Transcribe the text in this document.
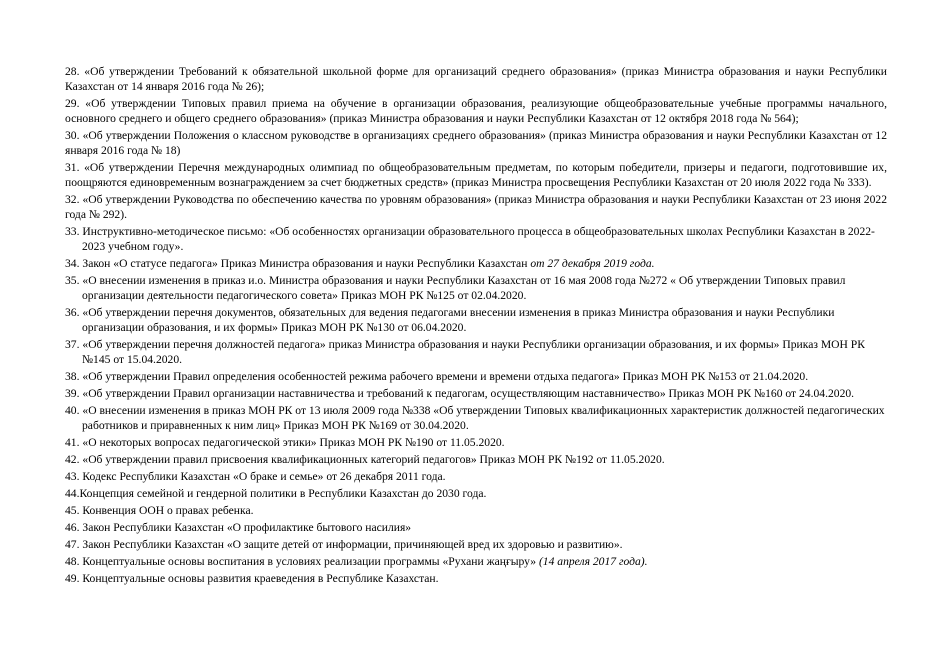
28. «Об утверждении Требований к обязательной школьной форме для организаций среднего образования» (приказ Министра образования и науки Республики Казахстан от 14 января 2016 года № 26);
29. «Об утверждении Типовых правил приема на обучение в организации образования, реализующие общеобразовательные учебные программы начального, основного среднего и общего среднего образования» (приказ Министра образования и науки Республики Казахстан от 12 октября 2018 года № 564);
30. «Об утверждении Положения о классном руководстве в организациях среднего образования» (приказ Министра образования и науки Республики Казахстан от 12 января 2016 года № 18)
31. «Об утверждении Перечня международных олимпиад по общеобразовательным предметам, по которым победители, призеры и педагоги, подготовившие их, поощряются единовременным вознаграждением за счет бюджетных средств» (приказ Министра просвещения Республики Казахстан от 20 июля 2022 года № 333).
32. «Об утверждении Руководства по обеспечению качества по уровням образования» (приказ Министра образования и науки Республики Казахстан от 23 июня 2022 года № 292).
33. Инструктивно-методическое письмо: «Об особенностях организации образовательного процесса в общеобразовательных школах Республики Казахстан в 2022-2023 учебном году».
34. Закон «О статусе педагога» Приказ Министра образования и науки Республики Казахстан от 27 декабря 2019 года.
35. «О внесении изменения в приказ и.о. Министра образования и науки Республики Казахстан от 16 мая 2008 года №272 « Об утверждении Типовых правил организации деятельности педагогического совета» Приказ МОН РК №125 от 02.04.2020.
36. «Об утверждении перечня документов, обязательных для ведения педагогами внесении изменения в приказ Министра образования и науки Республики организации образования, и их формы» Приказ МОН РК №130 от 06.04.2020.
37. «Об утверждении перечня должностей педагога» приказ Министра образования и науки Республики организации образования, и их формы» Приказ МОН РК №145 от 15.04.2020.
38. «Об утверждении Правил определения особенностей режима рабочего времени и времени отдыха педагога» Приказ МОН РК №153 от 21.04.2020.
39. «Об утверждении Правил организации наставничества и требований к педагогам, осуществляющим наставничество» Приказ МОН РК №160 от 24.04.2020.
40. «О внесении изменения в приказ МОН РК от 13 июля 2009 года №338 «Об утверждении Типовых квалификационных характеристик должностей педагогических работников и приравненных к ним лиц» Приказ МОН РК №169 от 30.04.2020.
41. «О некоторых вопросах педагогической этики» Приказ МОН РК №190 от 11.05.2020.
42. «Об утверждении правил присвоения квалификационных категорий педагогов» Приказ МОН РК №192 от 11.05.2020.
43. Кодекс Республики Казахстан «О браке и семье» от 26 декабря 2011 года.
44.Концепция семейной и гендерной политики в Республики Казахстан до 2030 года.
45. Конвенция ООН о правах ребенка.
46. Закон Республики Казахстан «О профилактике бытового насилия»
47. Закон Республики Казахстан «О защите детей от информации, причиняющей вред их здоровью и развитию».
48. Концептуальные основы воспитания в условиях реализации программы «Рухани жаңғыру» (14 апреля 2017 года).
49. Концептуальные основы развития краеведения в Республике Казахстан.
